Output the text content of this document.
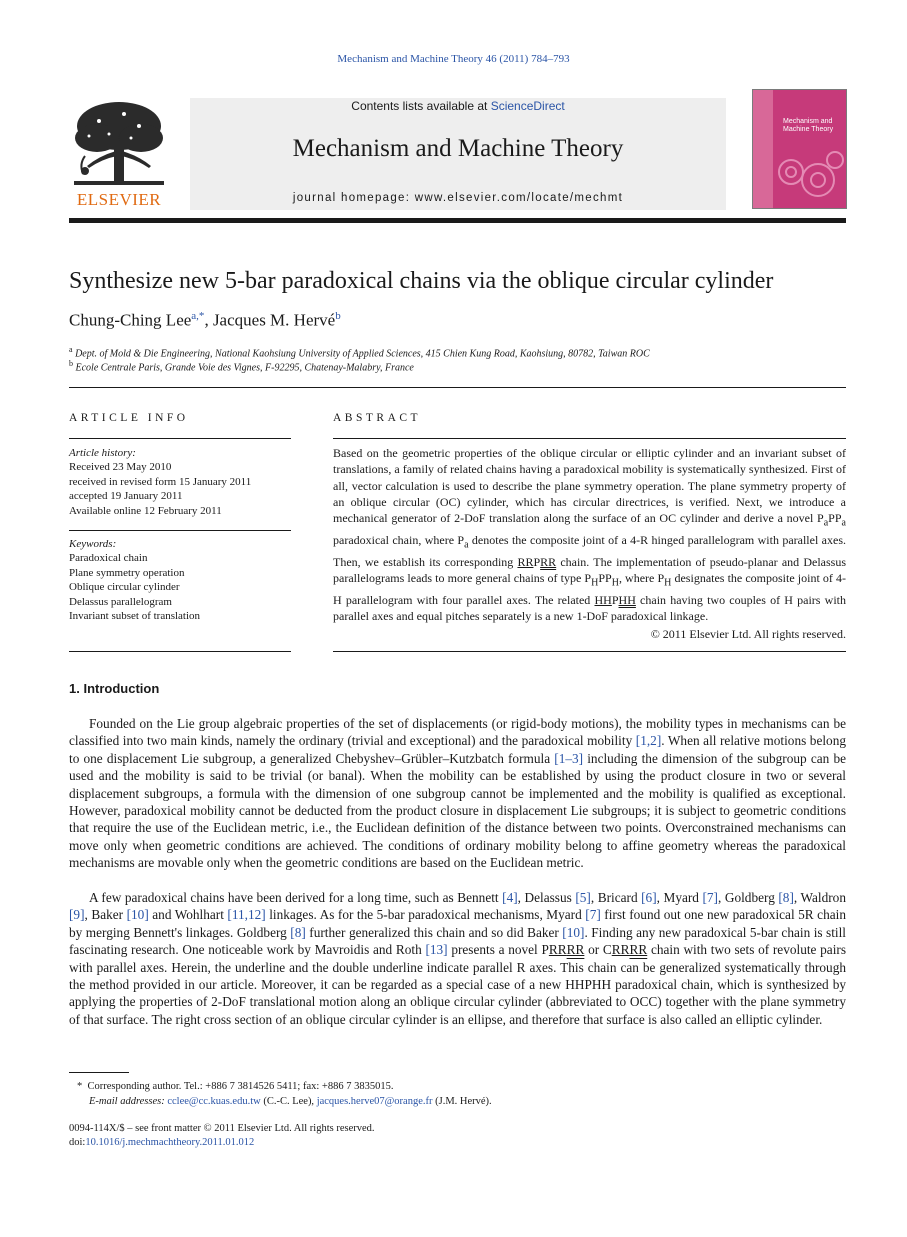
Mechanism and Machine Theory 46 (2011) 784–793
Contents lists available at ScienceDirect
Mechanism and Machine Theory
journal homepage: www.elsevier.com/locate/mechmt
ELSEVIER
Mechanism and Machine Theory
Synthesize new 5-bar paradoxical chains via the oblique circular cylinder
Chung-Ching Lee$^{a,*}$, Jacques M. Hervé$^b$
$^a$ Dept. of Mold & Die Engineering, National Kaohsiung University of Applied Sciences, 415 Chien Kung Road, Kaohsiung, 80782, Taiwan ROC
$^b$ Ecole Centrale Paris, Grande Voie des Vignes, F-92295, Chatenay-Malabry, France
ARTICLE INFO
Article history:
Received 23 May 2010
received in revised form 15 January 2011
accepted 19 January 2011
Available online 12 February 2011
Keywords:
Paradoxical chain
Plane symmetry operation
Oblique circular cylinder
Delassus parallelogram
Invariant subset of translation
ABSTRACT
Based on the geometric properties of the oblique circular or elliptic cylinder and an invariant subset of translations, a family of related chains having a paradoxical mobility is systematically synthesized. First of all, vector calculation is used to describe the plane symmetry operation. The plane symmetry property of an oblique circular (OC) cylinder, which has circular directrices, is verified. Next, we introduce a mechanical generator of 2-DoF translation along the surface of an OC cylinder and derive a novel $P_aPP_a$ paradoxical chain, where $P_a$ denotes the composite joint of a 4-R hinged parallelogram with parallel axes. Then, we establish its corresponding RRPRR chain. The implementation of pseudo-planar and Delassus parallelograms leads to more general chains of type $P_HPP_H$, where $P_H$ designates the composite joint of 4-H parallelogram with four parallel axes. The related HHPHH chain having two couples of H pairs with parallel axes and equal pitches separately is a new 1-DoF paradoxical linkage.
© 2011 Elsevier Ltd. All rights reserved.
1. Introduction
Founded on the Lie group algebraic properties of the set of displacements (or rigid-body motions), the mobility types in mechanisms can be classified into two main kinds, namely the ordinary (trivial and exceptional) and the paradoxical mobility [1,2]. When all relative motions belong to one displacement Lie subgroup, a generalized Chebyshev–Grübler–Kutzbatch formula [1–3] including the dimension of the subgroup can be used and the mobility is said to be trivial (or banal). When the mobility can be established by using the product closure in two or several displacement subgroups, a formula with the dimension of one subgroup cannot be implemented and the mobility is qualified as exceptional. However, paradoxical mobility cannot be deducted from the product closure in displacement Lie subgroups; it is subject to geometric conditions that require the use of the Euclidean metric, i.e., the Euclidean definition of the distance between two points. Overconstrained mechanisms can move only when geometric conditions are achieved. The conditions of ordinary mobility belong to affine geometry whereas the paradoxical mechanisms are movable only when the geometric conditions are based on the Euclidean metric.
A few paradoxical chains have been derived for a long time, such as Bennett [4], Delassus [5], Bricard [6], Myard [7], Goldberg [8], Waldron [9], Baker [10] and Wohlhart [11,12] linkages. As for the 5-bar paradoxical mechanisms, Myard [7] first found out one new paradoxical 5R chain by merging Bennett's linkages. Goldberg [8] further generalized this chain and so did Baker [10]. Finding any new paradoxical 5-bar chain is still fascinating research. One noticeable work by Mavroidis and Roth [13] presents a novel PRRRR or CRRRR chain with two sets of revolute pairs with parallel axes. Herein, the underline and the double underline indicate parallel R axes. This chain can be generalized systematically through the method provided in our article. Moreover, it can be regarded as a special case of a new HHPHH paradoxical chain, which is synthesized by applying the properties of 2-DoF translational motion along an oblique circular cylinder (abbreviated to OCC) together with the plane symmetry of that surface. The right cross section of an oblique circular cylinder is an ellipse, and therefore that surface is also called an elliptic cylinder.
* Corresponding author. Tel.: +886 7 3814526 5411; fax: +886 7 3835015.
E-mail addresses: cclee@cc.kuas.edu.tw (C.-C. Lee), jacques.herve07@orange.fr (J.M. Hervé).
0094-114X/$ – see front matter © 2011 Elsevier Ltd. All rights reserved.
doi:10.1016/j.mechmachtheory.2011.01.012
